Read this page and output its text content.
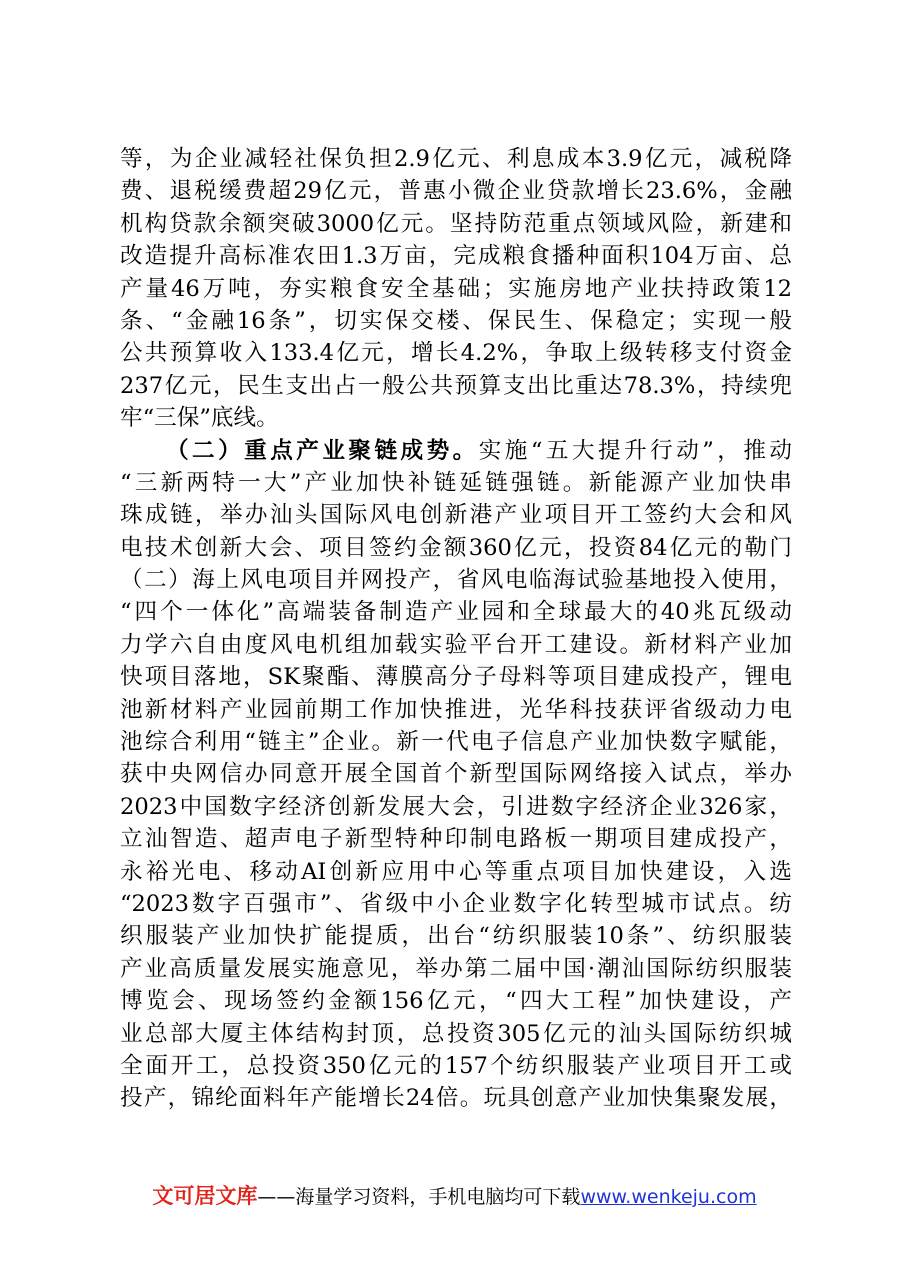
等，为企业减轻社保负担2.9亿元、利息成本3.9亿元，减税降
费、退税缓费超29亿元，普惠小微企业贷款增长23.6%，金融
机构贷款余额突破3000亿元。坚持防范重点领域风险，新建和
改造提升高标准农田1.3万亩，完成粮食播种面积104万亩、总
产量46万吨，夯实粮食安全基础；实施房地产业扶持政策12
条、“金融16条”，切实保交楼、保民生、保稳定；实现一般
公共预算收入133.4亿元，增长4.2%，争取上级转移支付资金
237亿元，民生支出占一般公共预算支出比重达78.3%，持续兜
牢“三保”底线。
（二）重点产业聚链成势。实施“五大提升行动”，推动
“三新两特一大”产业加快补链延链强链。新能源产业加快串
珠成链，举办汕头国际风电创新港产业项目开工签约大会和风
电技术创新大会、项目签约金额360亿元，投资84亿元的勒门
（二）海上风电项目并网投产，省风电临海试验基地投入使用，
“四个一体化”高端装备制造产业园和全球最大的40兆瓦级动
力学六自由度风电机组加载实验平台开工建设。新材料产业加
快项目落地，SK聚酯、薄膜高分子母料等项目建成投产，锂电
池新材料产业园前期工作加快推进，光华科技获评省级动力电
池综合利用“链主”企业。新一代电子信息产业加快数字赋能，
获中央网信办同意开展全国首个新型国际网络接入试点，举办
2023中国数字经济创新发展大会，引进数字经济企业326家，
立汕智造、超声电子新型特种印制电路板一期项目建成投产，
永裕光电、移动AI创新应用中心等重点项目加快建设，入选
“2023数字百强市”、省级中小企业数字化转型城市试点。纺
织服装产业加快扩能提质，出台“纺织服装10条”、纺织服装
产业高质量发展实施意见，举办第二届中国·潮汕国际纺织服装
博览会、现场签约金额156亿元，“四大工程”加快建设，产
业总部大厦主体结构封顶，总投资305亿元的汕头国际纺织城
全面开工，总投资350亿元的157个纺织服装产业项目开工或
投产，锦纶面料年产能增长24倍。玩具创意产业加快集聚发展，
文可居文库——海量学习资料，手机电脑均可下载www.wenkeju.com
